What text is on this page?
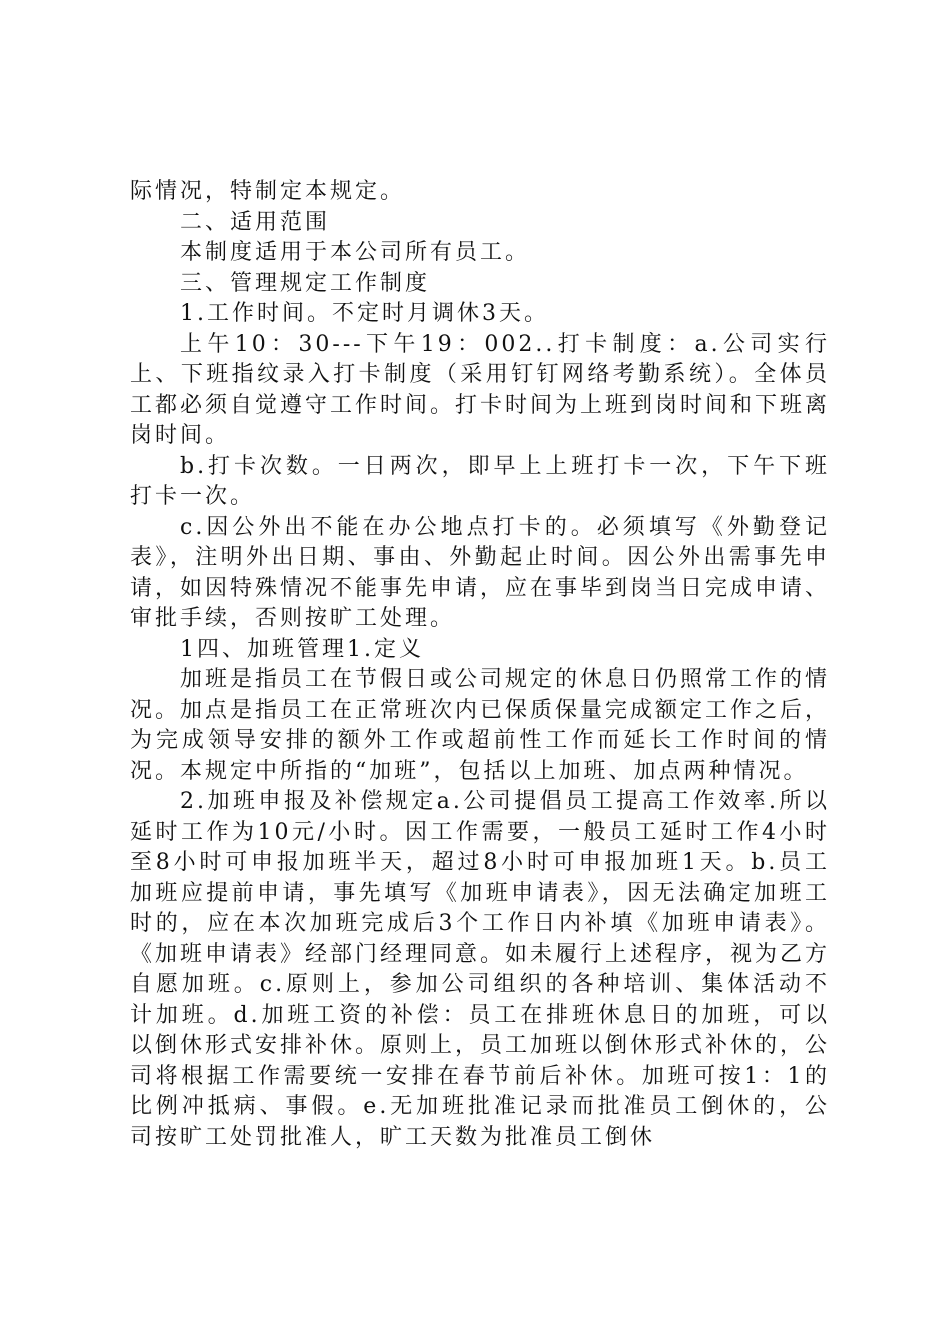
际情况，特制定本规定。

二、适用范围

本制度适用于本公司所有员工。

三、管理规定工作制度

1.工作时间。不定时月调休3天。

上午10：30---下午19：002..打卡制度：a.公司实行上、下班指纹录入打卡制度（采用钉钉网络考勤系统）。全体员工都必须自觉遵守工作时间。打卡时间为上班到岗时间和下班离岗时间。

b.打卡次数。一日两次，即早上上班打卡一次，下午下班打卡一次。

c.因公外出不能在办公地点打卡的。必须填写《外勤登记表》，注明外出日期、事由、外勤起止时间。因公外出需事先申请，如因特殊情况不能事先申请，应在事毕到岗当日完成申请、审批手续，否则按旷工处理。

1四、加班管理1.定义

加班是指员工在节假日或公司规定的休息日仍照常工作的情况。加点是指员工在正常班次内已保质保量完成额定工作之后，为完成领导安排的额外工作或超前性工作而延长工作时间的情况。本规定中所指的“加班”，包括以上加班、加点两种情况。

2.加班申报及补偿规定a.公司提倡员工提高工作效率.所以延时工作为10元/小时。因工作需要，一般员工延时工作4小时至8小时可申报加班半天，超过8小时可申报加班1天。b.员工加班应提前申请，事先填写《加班申请表》，因无法确定加班工时的，应在本次加班完成后3个工作日内补填《加班申请表》。《加班申请表》经部门经理同意。如未履行上述程序，视为乙方自愿加班。c.原则上，参加公司组织的各种培训、集体活动不计加班。d.加班工资的补偿：员工在排班休息日的加班，可以以倒休形式安排补休。原则上，员工加班以倒休形式补休的，公司将根据工作需要统一安排在春节前后补休。加班可按1：1的比例冲抵病、事假。e.无加班批准记录而批准员工倒休的，公司按旷工处罚批准人，旷工天数为批准员工倒休
